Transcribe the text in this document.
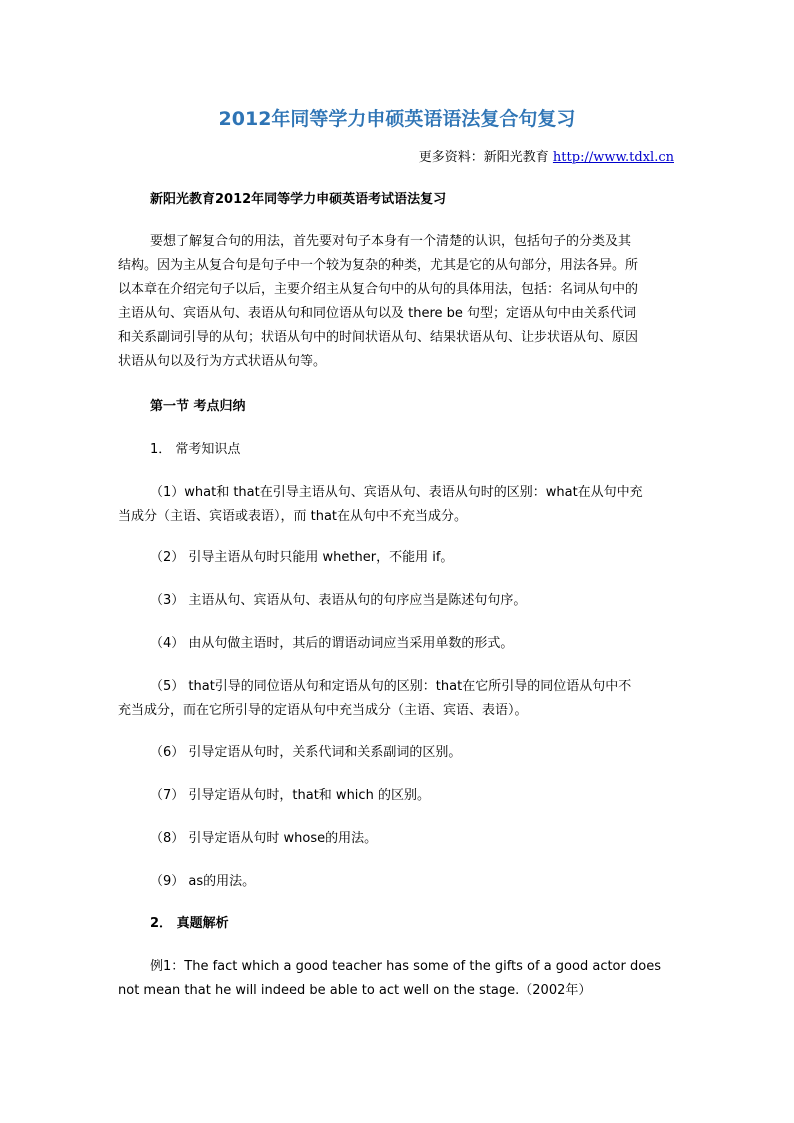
2012年同等学力申硕英语语法复合句复习
更多资料：新阳光教育 http://www.tdxl.cn
新阳光教育2012年同等学力申硕英语考试语法复习
要想了解复合句的用法，首先要对句子本身有一个清楚的认识，包括句子的分类及其
结构。因为主从复合句是句子中一个较为复杂的种类，尤其是它的从句部分，用法各异。所
以本章在介绍完句子以后，主要介绍主从复合句中的从句的具体用法，包括：名词从句中的
主语从句、宾语从句、表语从句和同位语从句以及 there be 句型；定语从句中由关系代词
和关系副词引导的从句；状语从句中的时间状语从句、结果状语从句、让步状语从句、原因
状语从句以及行为方式状语从句等。
第一节 考点归纳
1． 常考知识点
（1）what和 that在引导主语从句、宾语从句、表语从句时的区别：what在从句中充
当成分（主语、宾语或表语），而 that在从句中不充当成分。
（2） 引导主语从句时只能用 whether，不能用 if。
（3） 主语从句、宾语从句、表语从句的句序应当是陈述句句序。
（4） 由从句做主语时，其后的谓语动词应当采用单数的形式。
（5） that引导的同位语从句和定语从句的区别：that在它所引导的同位语从句中不
充当成分，而在它所引导的定语从句中充当成分（主语、宾语、表语）。
（6） 引导定语从句时，关系代词和关系副词的区别。
（7） 引导定语从句时，that和 which 的区别。
（8） 引导定语从句时 whose的用法。
（9） as的用法。
2． 真题解析
例1：The fact which a good teacher has some of the gifts of a good actor does
not mean that he will indeed be able to act well on the stage.（2002年）
